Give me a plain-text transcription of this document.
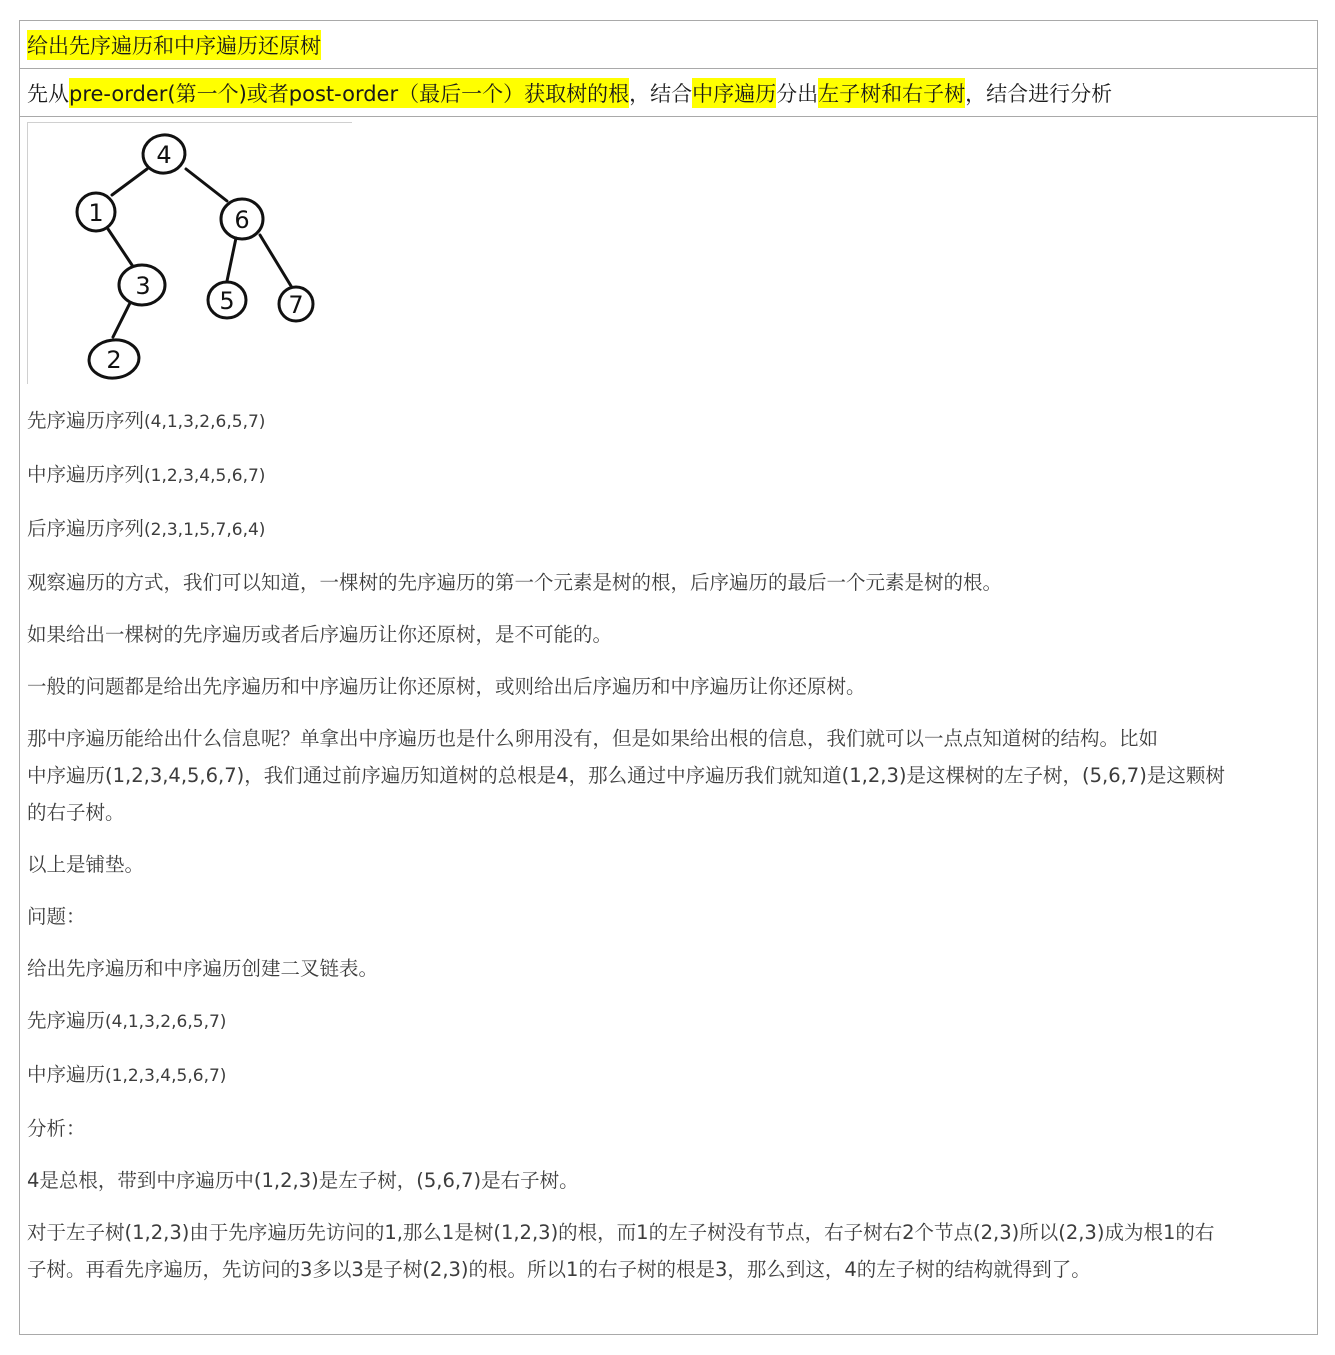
给出先序遍历和中序遍历还原树
先从 pre-order(第一个)或者post-order（最后一个）获取树的根 ，结合 中序遍历 分出 左子树和右子树 ，结合进行分析
4
1	6
3
5 7
2

先序遍历序列(4,1,3,2,6,5,7)

中序遍历序列(1,2,3,4,5,6,7)

后序遍历序列(2,3,1,5,7,6,4)

观察遍历的方式，我们可以知道，一棵树的先序遍历的第一个元素是树的根，后序遍历的最后一个元素是树的根。

如果给出一棵树的先序遍历或者后序遍历让你还原树，是不可能的。

一般的问题都是给出先序遍历和中序遍历让你还原树，或则给出后序遍历和中序遍历让你还原树。

那中序遍历能给出什么信息呢？单拿出中序遍历也是什么卵用没有，但是如果给出根的信息，我们就可以一点点知道树的结构。比如
中序遍历(1,2,3,4,5,6,7)，我们通过前序遍历知道树的总根是4，那么通过中序遍历我们就知道(1,2,3)是这棵树的左子树，(5,6,7)是这颗树
的右子树。

以上是铺垫。

问题：

给出先序遍历和中序遍历创建二叉链表。

先序遍历(4,1,3,2,6,5,7)

中序遍历(1,2,3,4,5,6,7)

分析：

4是总根，带到中序遍历中(1,2,3)是左子树，(5,6,7)是右子树。

对于左子树(1,2,3)由于先序遍历先访问的1,那么1是树(1,2,3)的根，而1的左子树没有节点，右子树右2个节点(2,3)所以(2,3)成为根1的右
子树。再看先序遍历，先访问的3多以3是子树(2,3)的根。所以1的右子树的根是3，那么到这，4的左子树的结构就得到了。
